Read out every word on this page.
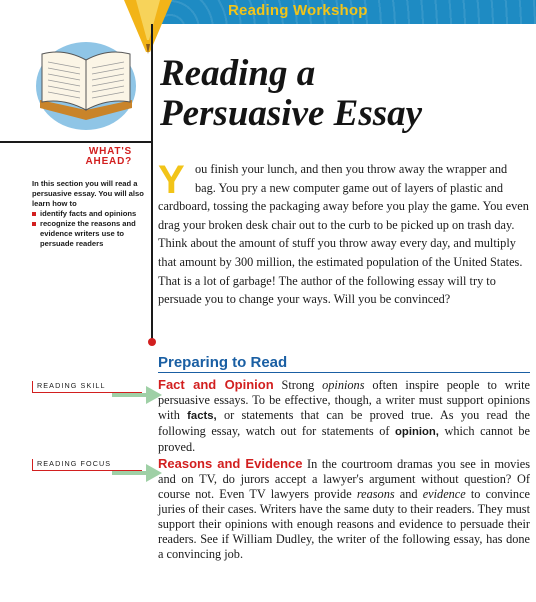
Reading Workshop
Reading a
Persuasive Essay
WHAT'S
AHEAD?

In this section you will read a persuasive essay. You will also learn how to

identify facts and opinions
recognize the reasons and evidence writers use to persuade readers
You finish your lunch, and then you throw away the wrapper and bag. You pry a new computer game out of layers of plastic and cardboard, tossing the packaging away before you play the game. You even drag your broken desk chair out to the curb to be picked up on trash day. Think about the amount of stuff you throw away every day, and multiply that amount by 300 million, the estimated population of the United States. That is a lot of garbage! The author of the following essay will try to persuade you to change your ways. Will you be convinced?
Preparing to Read
READING SKILL	Fact and Opinion Strong opinions often inspire people to write persuasive essays. To be effective, though, a writer must support opinions with facts, or statements that can be proved true. As you read the following essay, watch out for statements of opinion, which cannot be proved.

READING FOCUS	Reasons and Evidence In the courtroom dramas you see in movies and on TV, do jurors accept a lawyer's argument without question? Of course not. Even TV lawyers provide reasons and evidence to convince juries of their cases. Writers have the same duty to their readers. They must support their opinions with enough reasons and evidence to persuade their readers. See if William Dudley, the writer of the following essay, has done a convincing job.
